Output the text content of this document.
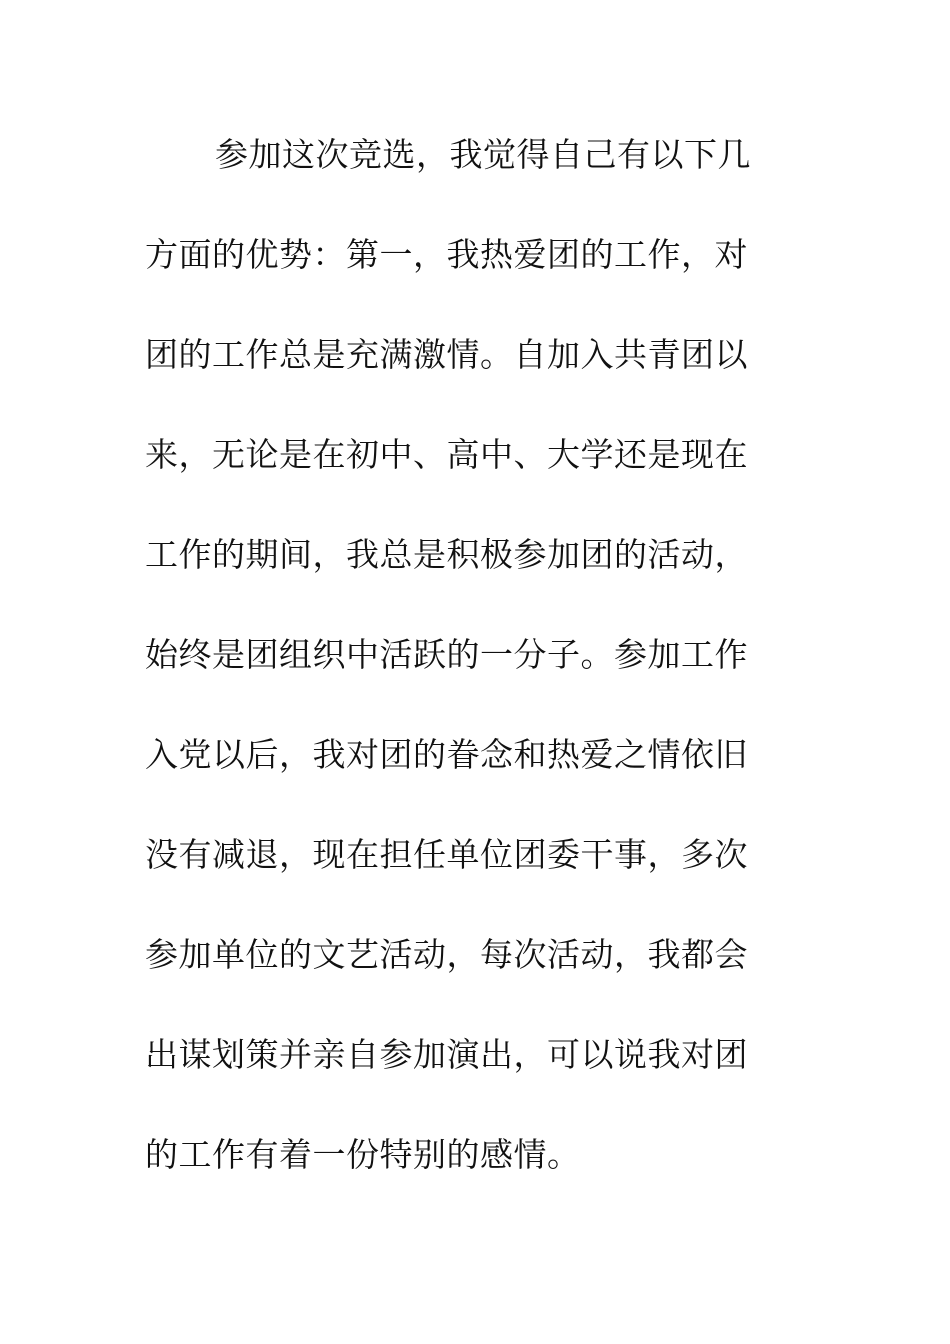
参加这次竞选，我觉得自己有以下几
方面的优势：第一，我热爱团的工作，对
团的工作总是充满激情。自加入共青团以
来，无论是在初中、高中、大学还是现在
工作的期间，我总是积极参加团的活动，
始终是团组织中活跃的一分子。参加工作
入党以后，我对团的眷念和热爱之情依旧
没有减退，现在担任单位团委干事，多次
参加单位的文艺活动，每次活动，我都会
出谋划策并亲自参加演出，可以说我对团
的工作有着一份特别的感情。
